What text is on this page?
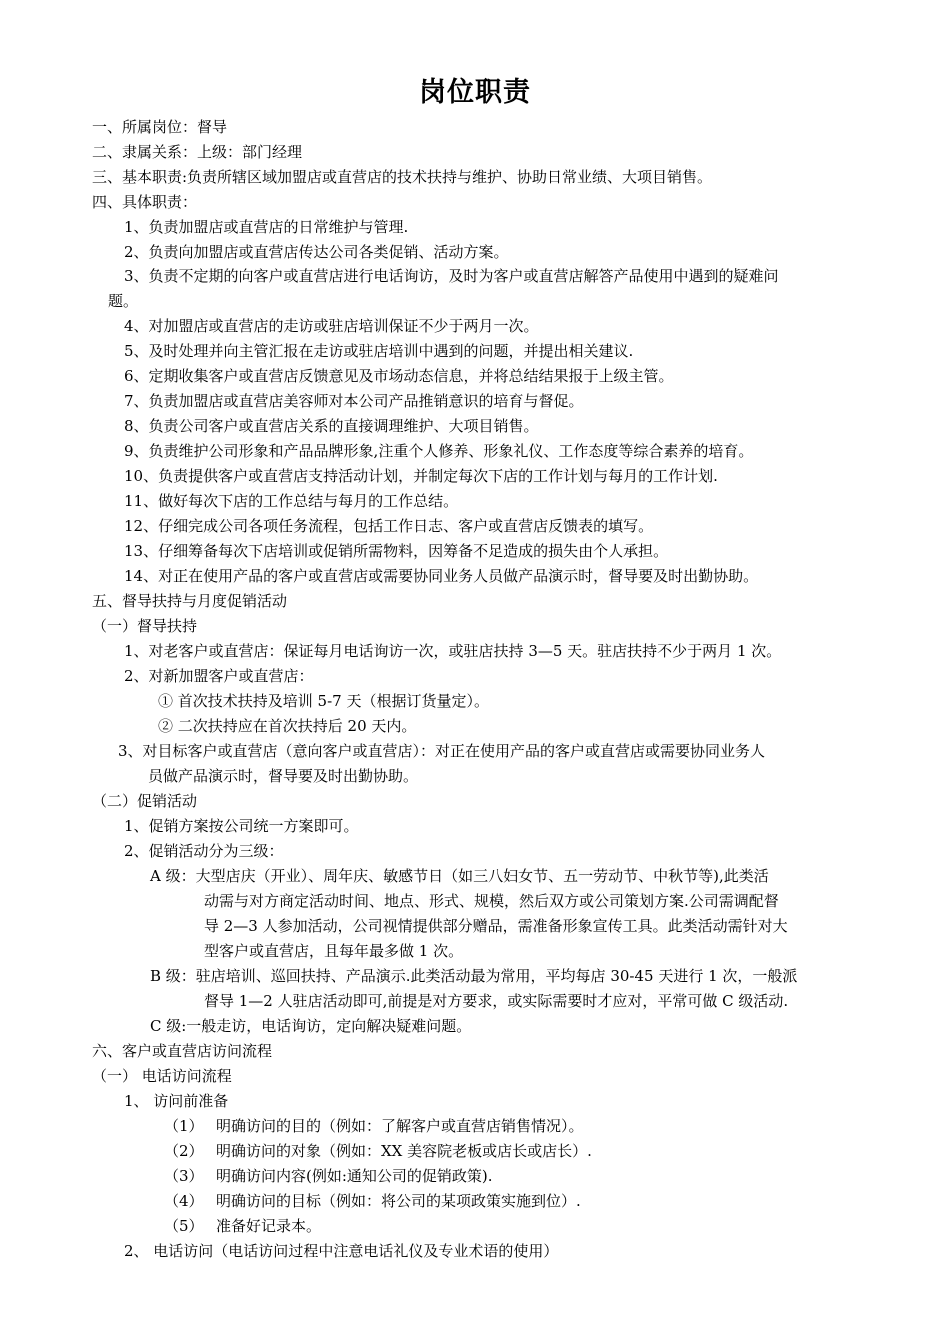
岗位职责
一、所属岗位：督导
二、隶属关系：上级：部门经理
三、基本职责:负责所辖区域加盟店或直营店的技术扶持与维护、协助日常业绩、大项目销售。
四、具体职责：
1、负责加盟店或直营店的日常维护与管理.
2、负责向加盟店或直营店传达公司各类促销、活动方案。
3、负责不定期的向客户或直营店进行电话询访，及时为客户或直营店解答产品使用中遇到的疑难问
题。
4、对加盟店或直营店的走访或驻店培训保证不少于两月一次。
5、及时处理并向主管汇报在走访或驻店培训中遇到的问题，并提出相关建议.
6、定期收集客户或直营店反馈意见及市场动态信息，并将总结结果报于上级主管。
7、负责加盟店或直营店美容师对本公司产品推销意识的培育与督促。
8、负责公司客户或直营店关系的直接调理维护、大项目销售。
9、负责维护公司形象和产品品牌形象,注重个人修养、形象礼仪、工作态度等综合素养的培育。
10、负责提供客户或直营店支持活动计划，并制定每次下店的工作计划与每月的工作计划.
11、做好每次下店的工作总结与每月的工作总结。
12、仔细完成公司各项任务流程，包括工作日志、客户或直营店反馈表的填写。
13、仔细筹备每次下店培训或促销所需物料，因筹备不足造成的损失由个人承担。
14、对正在使用产品的客户或直营店或需要协同业务人员做产品演示时，督导要及时出勤协助。
五、督导扶持与月度促销活动
（一）督导扶持
1、对老客户或直营店：保证每月电话询访一次，或驻店扶持 3—5 天。驻店扶持不少于两月 1 次。
2、对新加盟客户或直营店：
① 首次技术扶持及培训 5-7 天（根据订货量定）。
② 二次扶持应在首次扶持后 20 天内。
3、对目标客户或直营店（意向客户或直营店）：对正在使用产品的客户或直营店或需要协同业务人
员做产品演示时，督导要及时出勤协助。
（二）促销活动
1、促销方案按公司统一方案即可。
2、促销活动分为三级：
A 级：大型店庆（开业）、周年庆、敏感节日（如三八妇女节、五一劳动节、中秋节等),此类活
动需与对方商定活动时间、地点、形式、规模，然后双方或公司策划方案.公司需调配督
导 2—3 人参加活动，公司视情提供部分赠品，需准备形象宣传工具。此类活动需针对大
型客户或直营店，且每年最多做 1 次。
B 级：驻店培训、巡回扶持、产品演示.此类活动最为常用，平均每店 30-45 天进行 1 次，一般派
督导 1—2 人驻店活动即可,前提是对方要求，或实际需要时才应对，平常可做 C 级活动.
C 级:一般走访，电话询访，定向解决疑难问题。
六、客户或直营店访问流程
（一） 电话访问流程
1、 访问前准备
（1） 明确访问的目的（例如：了解客户或直营店销售情况）。
（2） 明确访问的对象（例如：XX 美容院老板或店长或店长）.
（3） 明确访问内容(例如:通知公司的促销政策).
（4） 明确访问的目标（例如：将公司的某项政策实施到位）.
（5） 准备好记录本。
2、 电话访问（电话访问过程中注意电话礼仪及专业术语的使用）
